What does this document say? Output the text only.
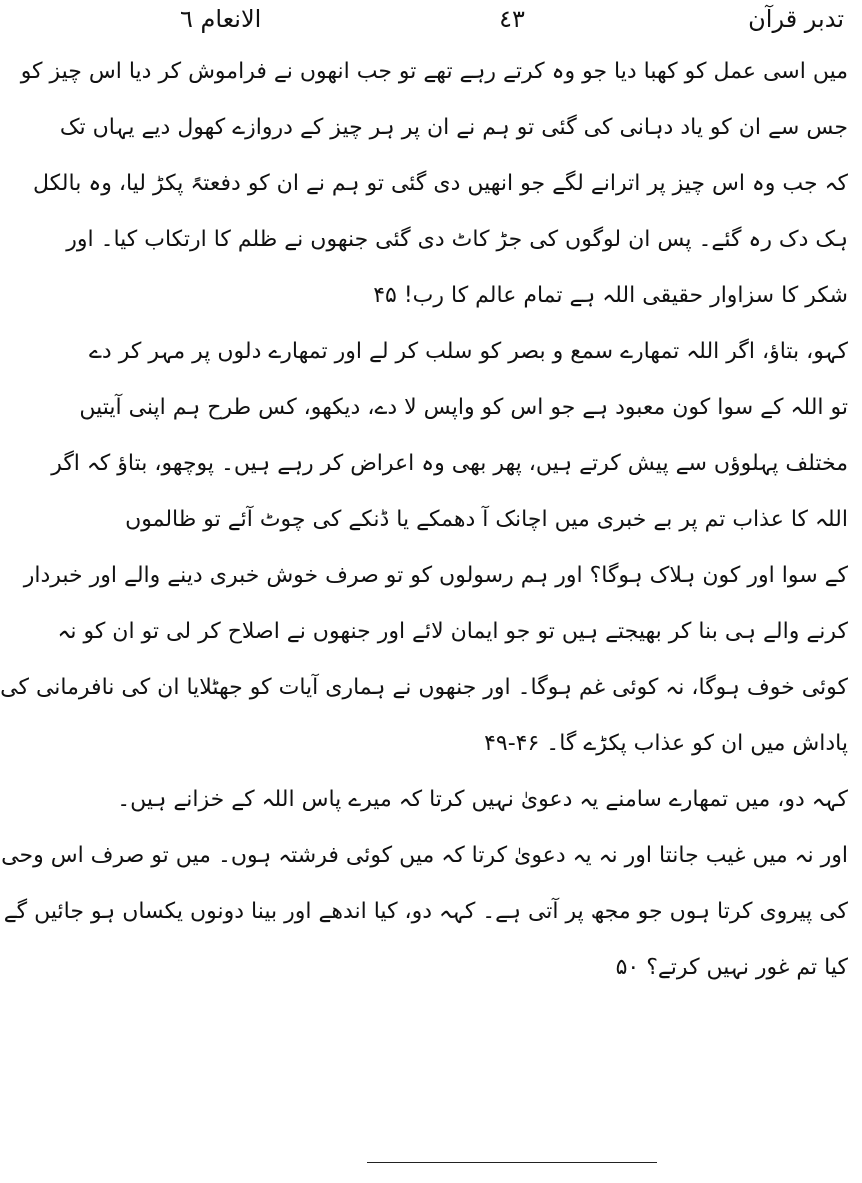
تدبر قرآن
٤٣
الانعام ٦
میں اسی عمل کو کھبا دیا جو وہ کرتے رہے تھے تو جب انھوں نے فراموش کر دیا اس چیز کو
جس سے ان کو یاد دہانی کی گئی تو ہم نے ان پر ہر چیز کے دروازے کھول دیے یہاں تک
کہ جب وہ اس چیز پر اترانے لگے جو انھیں دی گئی تو ہم نے ان کو دفعتہً پکڑ لیا، وہ بالکل
ہک دک رہ گئے۔ پس ان لوگوں کی جڑ کاٹ دی گئی جنھوں نے ظلم کا ارتکاب کیا۔ اور
شکر کا سزاوار حقیقی اللہ ہے تمام عالم کا رب! ۴۵
کہو، بتاؤ، اگر اللہ تمھارے سمع و بصر کو سلب کر لے اور تمھارے دلوں پر مہر کر دے
تو اللہ کے سوا کون معبود ہے جو اس کو واپس لا دے، دیکھو، کس طرح ہم اپنی آیتیں
مختلف پہلوؤں سے پیش کرتے ہیں، پھر بھی وہ اعراض کر رہے ہیں۔ پوچھو، بتاؤ کہ اگر
اللہ کا عذاب تم پر بے خبری میں اچانک آ دھمکے یا ڈنکے کی چوٹ آئے تو ظالموں
کے سوا اور کون ہلاک ہوگا؟ اور ہم رسولوں کو تو صرف خوش خبری دینے والے اور خبردار
کرنے والے ہی بنا کر بھیجتے ہیں تو جو ایمان لائے اور جنھوں نے اصلاح کر لی تو ان کو نہ
کوئی خوف ہوگا، نہ کوئی غم ہوگا۔ اور جنھوں نے ہماری آیات کو جھٹلایا ان کی نافرمانی کی
پاداش میں ان کو عذاب پکڑے گا۔ ۴۶-۴۹
کہہ دو، میں تمھارے سامنے یہ دعویٰ نہیں کرتا کہ میرے پاس اللہ کے خزانے ہیں۔
اور نہ میں غیب جانتا اور نہ یہ دعویٰ کرتا کہ میں کوئی فرشتہ ہوں۔ میں تو صرف اس وحی
کی پیروی کرتا ہوں جو مجھ پر آتی ہے۔ کہہ دو، کیا اندھے اور بینا دونوں یکساں ہو جائیں گے
کیا تم غور نہیں کرتے؟ ۵۰
